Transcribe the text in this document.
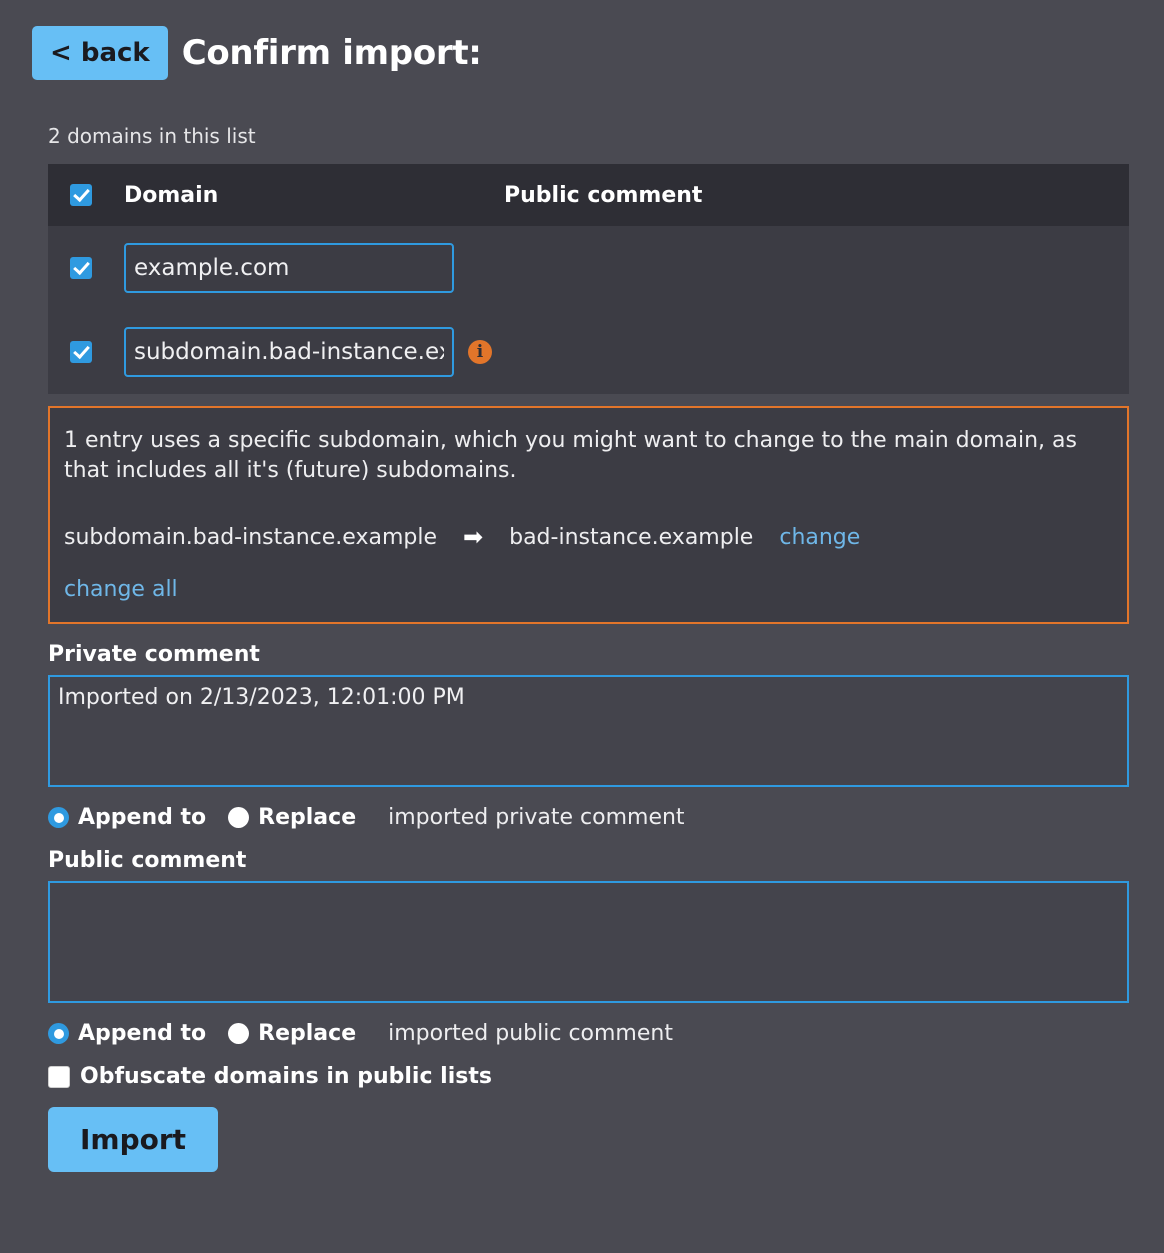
< back Confirm import:
2 domains in this list
Domain	Public comment
example.com
subdomain.bad-instance.ex
i
1 entry uses a specific subdomain, which you might want to change to the main domain, as that includes all it's (future) subdomains.
subdomain.bad-instance.example ➡ bad-instance.example change
change all
Private comment
Imported on 2/13/2023, 12:01:00 PM
Append to Replace imported private comment
Public comment
Append to Replace imported public comment
Obfuscate domains in public lists
Import
